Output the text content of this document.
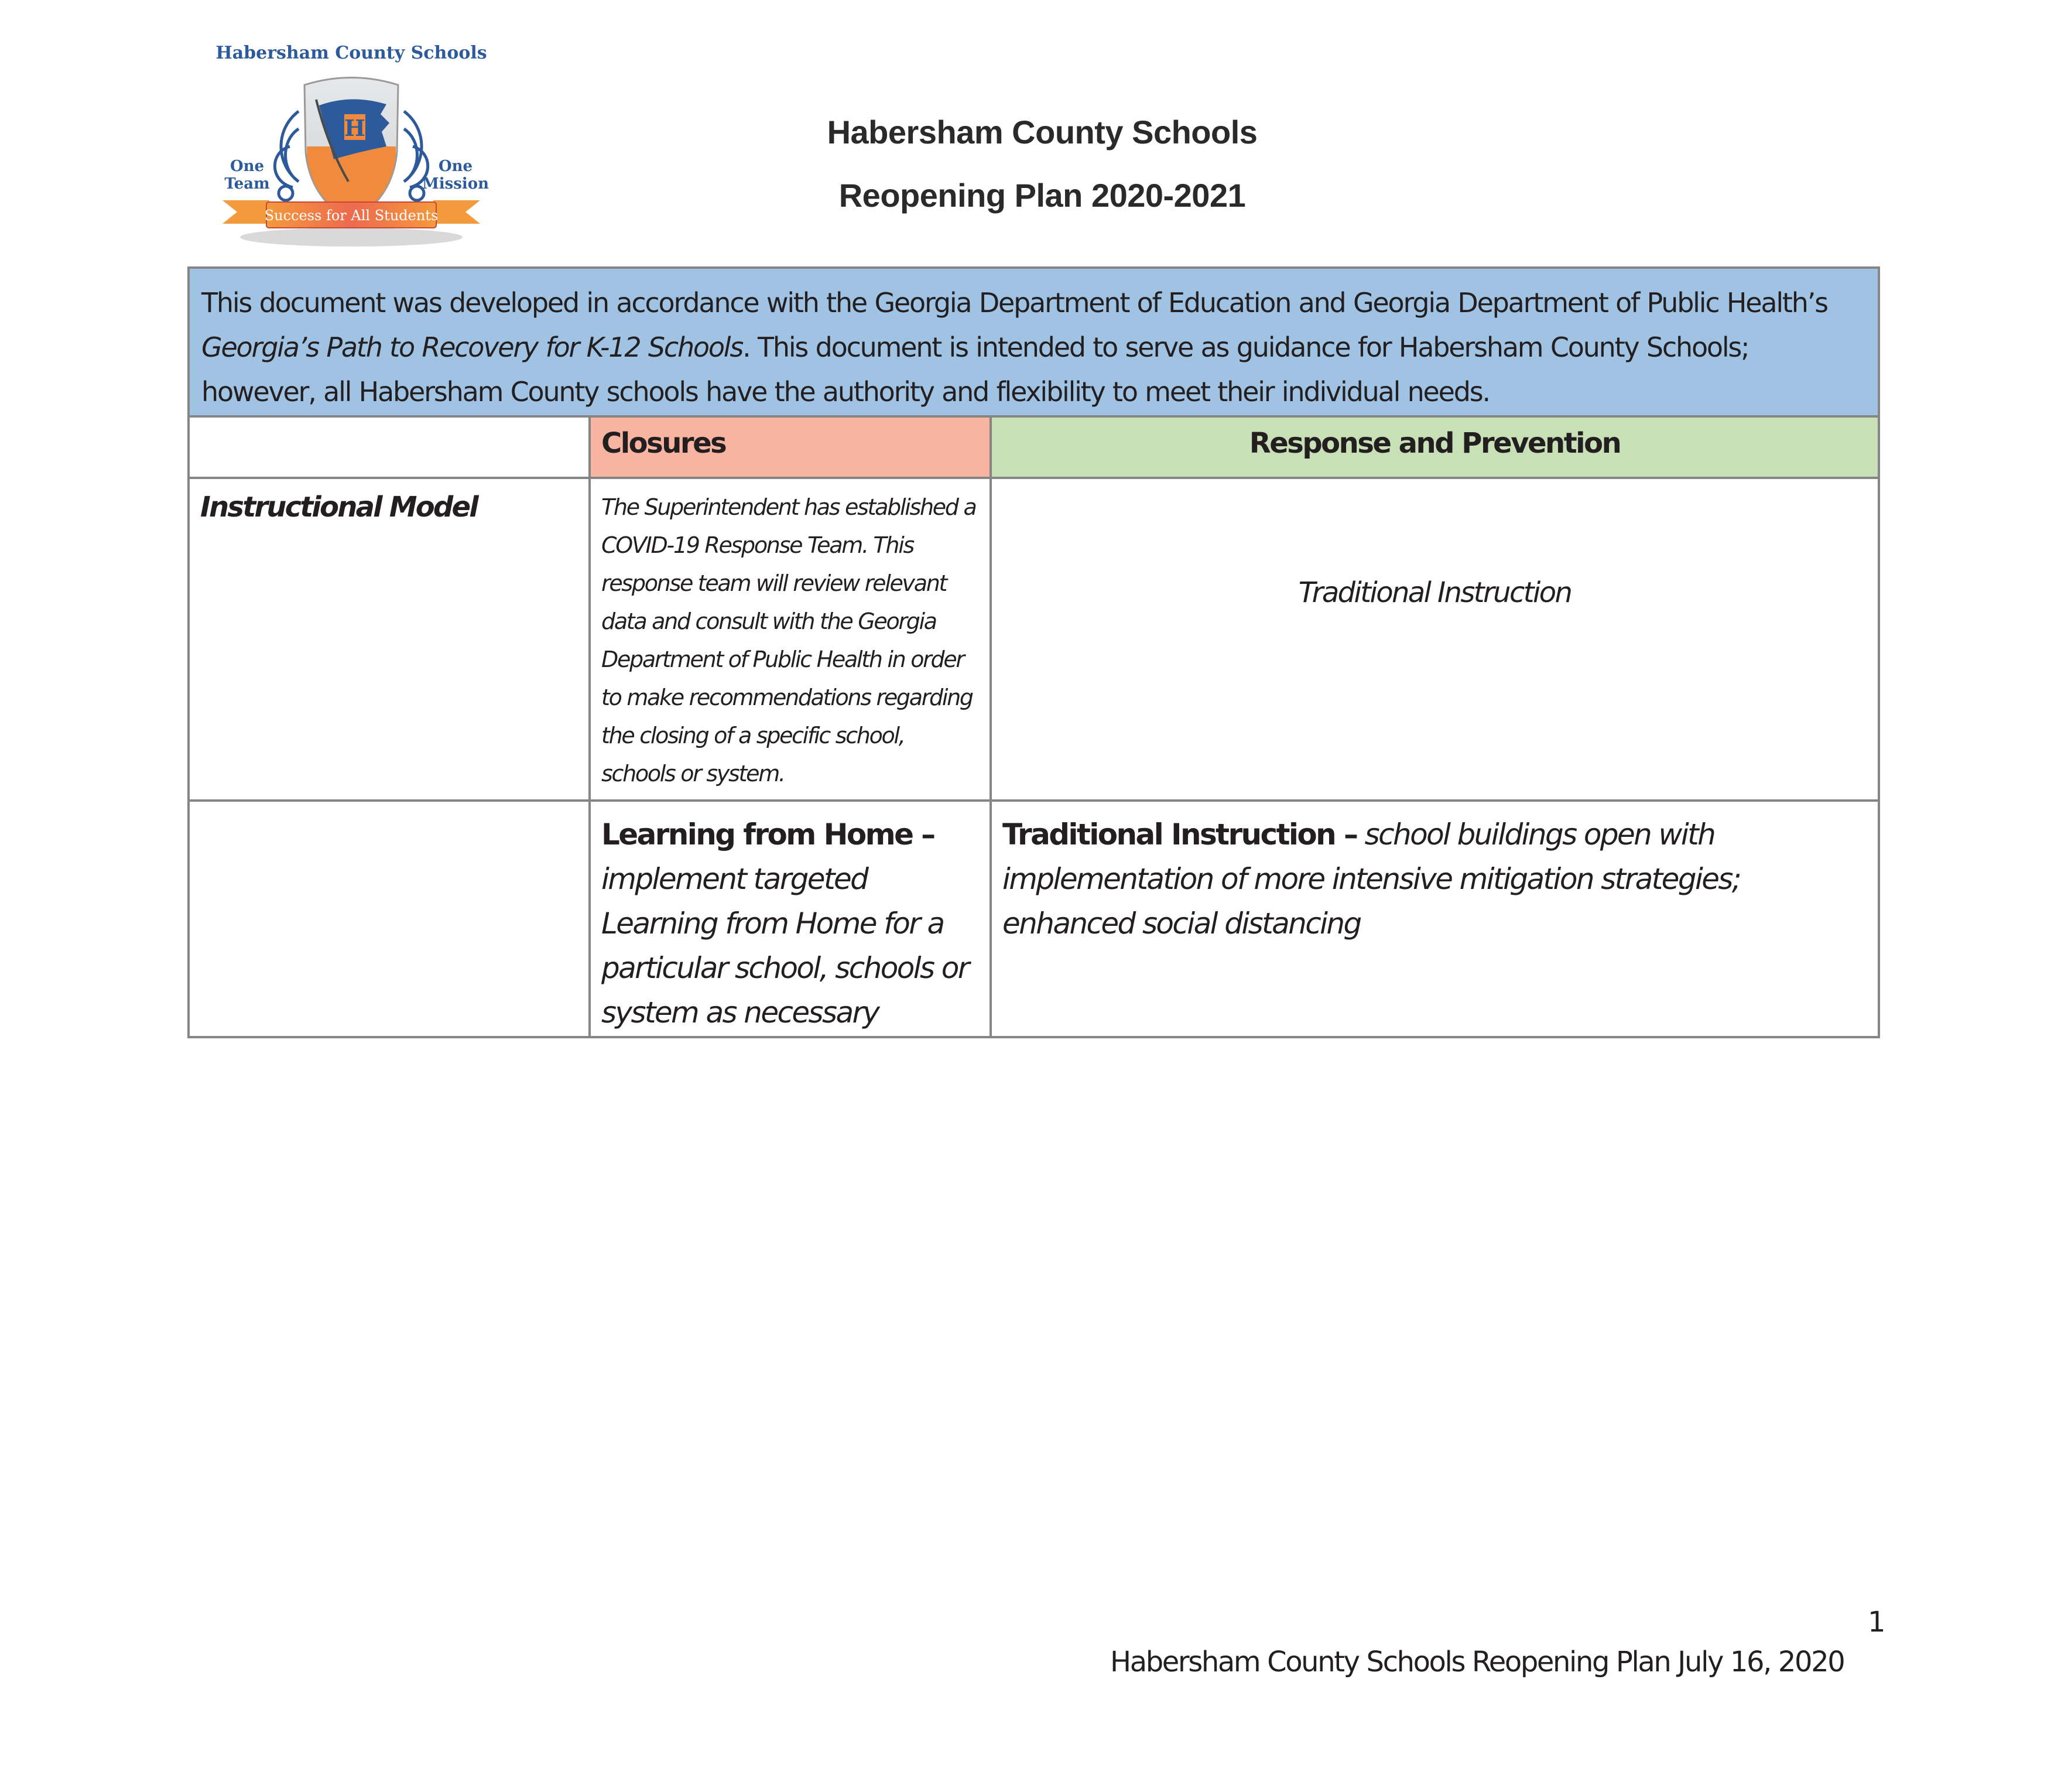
H
Habersham County Schools
One
Team
One
Mission
Success for All Students
Habersham County Schools
Reopening Plan 2020-2021
This document was developed in accordance with the Georgia Department of Education and Georgia Department of Public Health’s Georgia’s Path to Recovery for K-12 Schools. This document is intended to serve as guidance for Habersham County Schools; however, all Habersham County schools have the authority and flexibility to meet their individual needs.
Closures	Response and Prevention
Instructional Model	The Superintendent has established a COVID-19 Response Team. This response team will review relevant data and consult with the Georgia Department of Public Health in order to make recommendations regarding the closing of a specific school, schools or system.
Traditional Instruction
Learning from Home – implement targeted Learning from Home for a particular school, schools or system as necessary
Traditional Instruction – school buildings open with implementation of more intensive mitigation strategies; enhanced social distancing
1
Habersham County Schools Reopening Plan July 16, 2020
